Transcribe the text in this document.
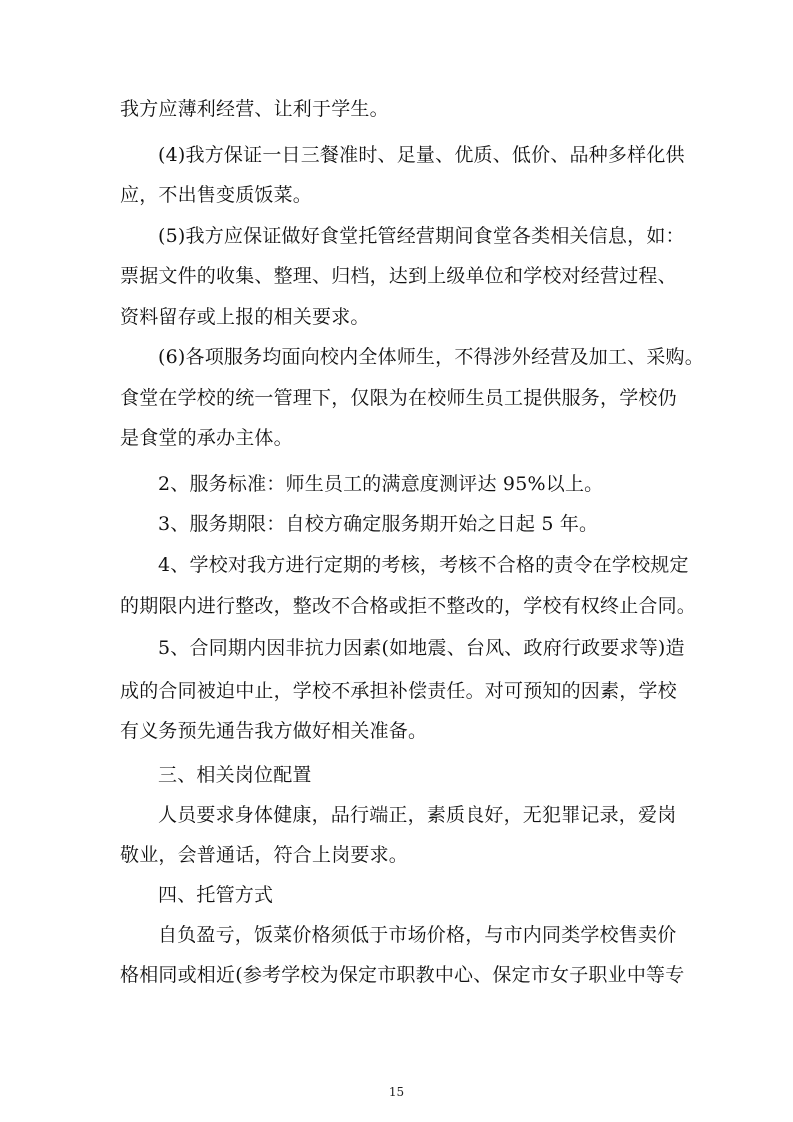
我方应薄利经营、让利于学生。
(4)我方保证一日三餐准时、足量、优质、低价、品种多样化供
应，不出售变质饭菜。
(5)我方应保证做好食堂托管经营期间食堂各类相关信息，如：
票据文件的收集、整理、归档，达到上级单位和学校对经营过程、
资料留存或上报的相关要求。
(6)各项服务均面向校内全体师生，不得涉外经营及加工、采购。
食堂在学校的统一管理下，仅限为在校师生员工提供服务，学校仍
是食堂的承办主体。
2、服务标准：师生员工的满意度测评达 95%以上。
3、服务期限：自校方确定服务期开始之日起 5 年。
4、学校对我方进行定期的考核，考核不合格的责令在学校规定
的期限内进行整改，整改不合格或拒不整改的，学校有权终止合同。
5、合同期内因非抗力因素(如地震、台风、政府行政要求等)造
成的合同被迫中止，学校不承担补偿责任。对可预知的因素，学校
有义务预先通告我方做好相关准备。
三、相关岗位配置
人员要求身体健康，品行端正，素质良好，无犯罪记录，爱岗
敬业，会普通话，符合上岗要求。
四、托管方式
自负盈亏，饭菜价格须低于市场价格，与市内同类学校售卖价
格相同或相近(参考学校为保定市职教中心、保定市女子职业中等专
15
